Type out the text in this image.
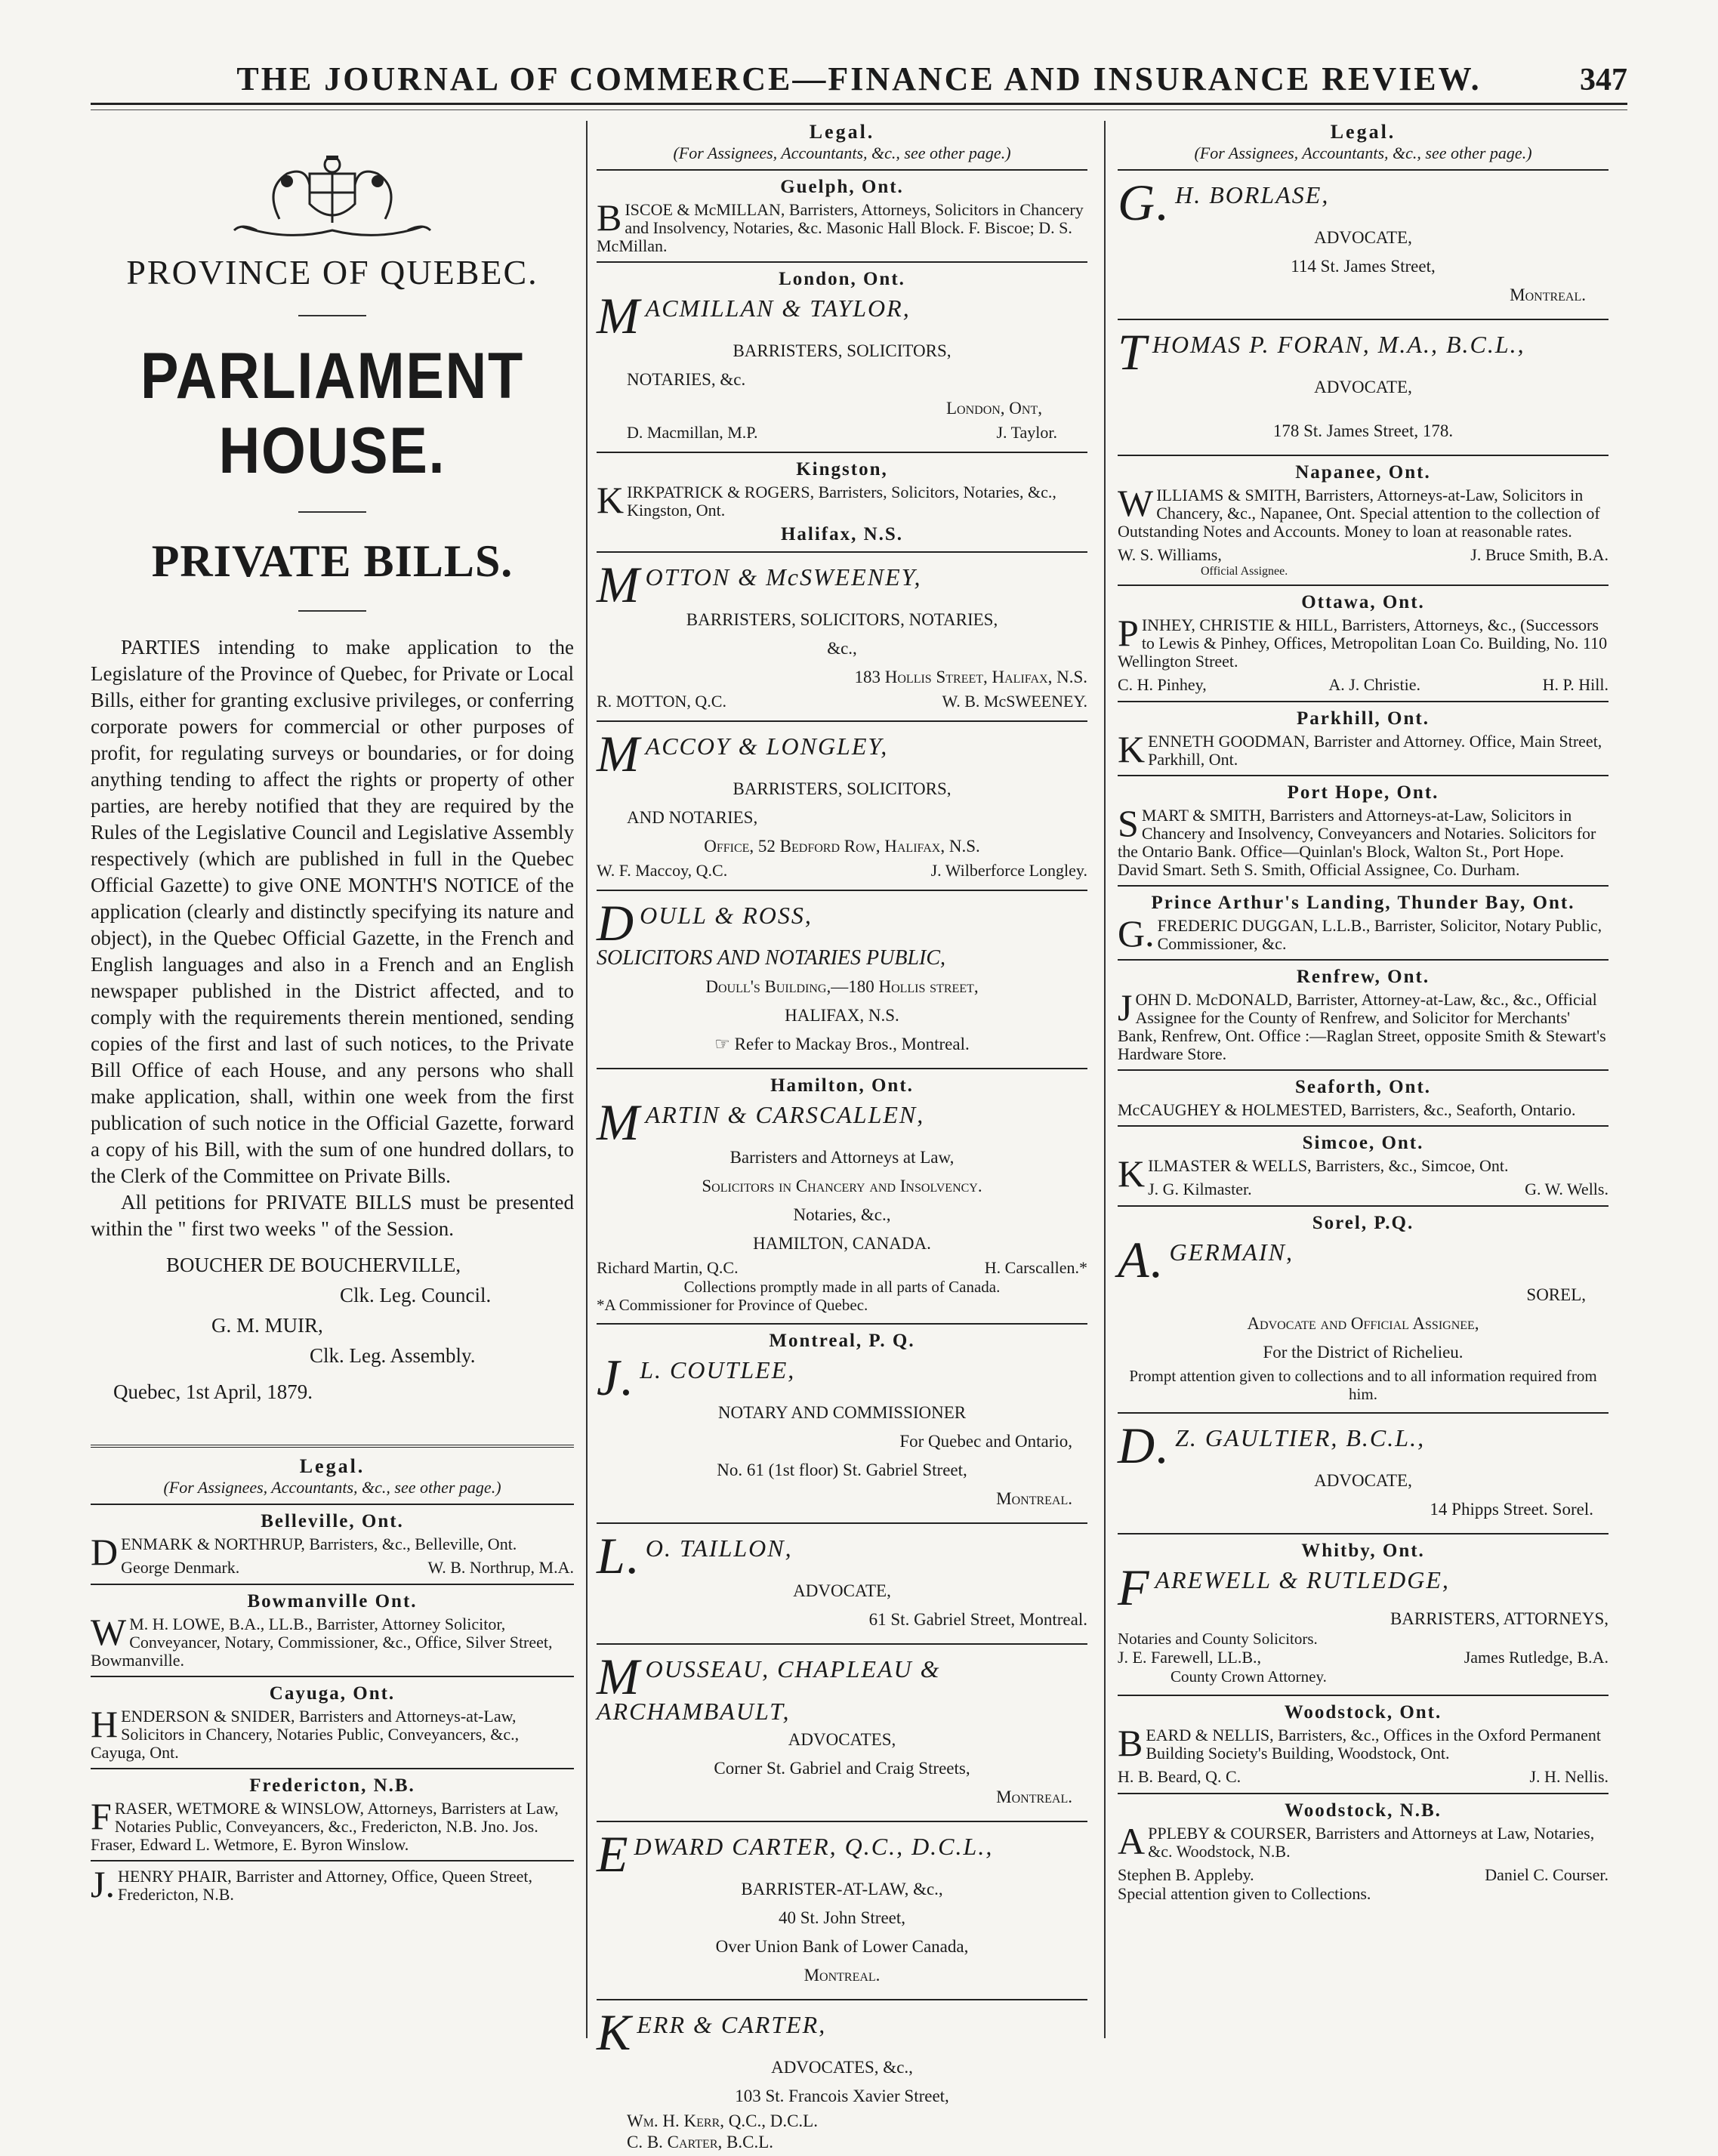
THE JOURNAL OF COMMERCE—FINANCE AND INSURANCE REVIEW.	347
PROVINCE OF QUEBEC.
PARLIAMENT HOUSE.
PRIVATE BILLS.

PARTIES intending to make application to the Legislature of the Province of Quebec, for Private or Local Bills, either for granting exclusive privileges, or conferring corporate powers for commercial or other purposes of profit, for regulating surveys or boundaries, or for doing anything tending to affect the rights or property of other parties, are hereby notified that they are required by the Rules of the Legislative Council and Legislative Assembly respectively (which are published in full in the Quebec Official Gazette) to give ONE MONTH'S NOTICE of the application (clearly and distinctly specifying its nature and object), in the Quebec Official Gazette, in the French and English languages and also in a French and an English newspaper published in the District affected, and to comply with the requirements therein mentioned, sending copies of the first and last of such notices, to the Private Bill Office of each House, and any persons who shall make application, shall, within one week from the first publication of such notice in the Official Gazette, forward a copy of his Bill, with the sum of one hundred dollars, to the Clerk of the Committee on Private Bills.

All petitions for PRIVATE BILLS must be presented within the " first two weeks " of the Session.

BOUCHER DE BOUCHERVILLE,
Clk. Leg. Council.
G. M. MUIR,
Clk. Leg. Assembly.
Quebec, 1st April, 1879.
Legal.
(For Assignees, Accountants, &c., see other page.)
Belleville, Ont.
DENMARK & NORTHRUP, Barristers, &c., Belleville, Ont.
George Denmark.	W. B. Northrup, M.A.
Bowmanville Ont.
W M. H. LOWE, B.A., LL.B., Barrister, Attorney Solicitor, Conveyancer, Notary, Commissioner, &c., Office, Silver Street, Bowmanville.
Cayuga, Ont.
HENDERSON & SNIDER, Barristers and Attorneys-at-Law, Solicitors in Chancery, Notaries Public, Conveyancers, &c., Cayuga, Ont.
Fredericton, N.B.
FRASER, WETMORE & WINSLOW, Attorneys, Barristers at Law, Notaries Public, Conveyancers, &c., Fredericton, N.B. Jno. Jos. Fraser, Edward L. Wetmore, E. Byron Winslow.
J. HENRY PHAIR, Barrister and Attorney, Office, Queen Street, Fredericton, N.B.
Legal.
(For Assignees, Accountants, &c., see other page.)
Guelph, Ont.
BISCOE & McMILLAN, Barristers, Attorneys, Solicitors in Chancery and Insolvency, Notaries, &c. Masonic Hall Block. F. Biscoe; D. S. McMillan.
London, Ont.
MACMILLAN & TAYLOR,
BARRISTERS, SOLICITORS,
NOTARIES, &c.
London, Ont,
D. Macmillan, M.P.	J. Taylor.
Kingston,
KIRKPATRICK & ROGERS, Barristers, Solicitors, Notaries, &c., Kingston, Ont.
Halifax, N.S.
MOTTON & McSWEENEY,
BARRISTERS, SOLICITORS, NOTARIES,
&c.,
183 Hollis Street, Halifax, N.S.
R. MOTTON, Q.C.	W. B. McSWEENEY.
MACCOY & LONGLEY,
BARRISTERS, SOLICITORS,
AND NOTARIES,
Office, 52 Bedford Row, Halifax, N.S.
W. F. Maccoy, Q.C.	J. Wilberforce Longley.
DOULL & ROSS,
SOLICITORS AND NOTARIES PUBLIC,
Doull's Building,—180 Hollis street,
HALIFAX, N.S.
☞ Refer to Mackay Bros., Montreal.
Hamilton, Ont.
MARTIN & CARSCALLEN,
Barristers and Attorneys at Law,
Solicitors in Chancery and Insolvency.
Notaries, &c.,
HAMILTON, CANADA.
Richard Martin, Q.C.	H. Carscallen.*
Collections promptly made in all parts of Canada.
*A Commissioner for Province of Quebec.
Montreal, P. Q.
J. L. COUTLEE,
NOTARY AND COMMISSIONER
For Quebec and Ontario,
No. 61 (1st floor) St. Gabriel Street,
Montreal.
L. O. TAILLON,
ADVOCATE,
61 St. Gabriel Street, Montreal.
MOUSSEAU, CHAPLEAU & ARCHAMBAULT,
ADVOCATES,
Corner St. Gabriel and Craig Streets,
Montreal.
EDWARD CARTER, Q.C., D.C.L.,
BARRISTER-AT-LAW, &c.,
40 St. John Street,
Over Union Bank of Lower Canada,
Montreal.
KERR & CARTER,
ADVOCATES, &c.,
103 St. Francois Xavier Street,
Wm. H. Kerr, Q.C., D.C.L.
C. B. Carter, B.C.L.
Legal.
(For Assignees, Accountants, &c., see other page.)
G. H. BORLASE,
ADVOCATE,
114 St. James Street,
Montreal.
THOMAS P. FORAN, M.A., B.C.L.,
ADVOCATE,
178 St. James Street, 178.
Napanee, Ont.
WILLIAMS & SMITH, Barristers, Attorneys-at-Law, Solicitors in Chancery, &c., Napanee, Ont. Special attention to the collection of Outstanding Notes and Accounts. Money to loan at reasonable rates.
W. S. Williams,	J. Bruce Smith, B.A.
Official Assignee.
Ottawa, Ont.
PINHEY, CHRISTIE & HILL, Barristers, Attorneys, &c., (Successors to Lewis & Pinhey, Offices, Metropolitan Loan Co. Building, No. 110 Wellington Street.
C. H. Pinhey,	A. J. Christie.	H. P. Hill.
Parkhill, Ont.
KENNETH GOODMAN, Barrister and Attorney. Office, Main Street, Parkhill, Ont.
Port Hope, Ont.
SMART & SMITH, Barristers and Attorneys-at-Law, Solicitors in Chancery and Insolvency, Conveyancers and Notaries. Solicitors for the Ontario Bank. Office—Quinlan's Block, Walton St., Port Hope. David Smart. Seth S. Smith, Official Assignee, Co. Durham.
Prince Arthur's Landing, Thunder Bay, Ont.
G. FREDERIC DUGGAN, L.L.B., Barrister, Solicitor, Notary Public, Commissioner, &c.
Renfrew, Ont.
JOHN D. McDONALD, Barrister, Attorney-at-Law, &c., &c., Official Assignee for the County of Renfrew, and Solicitor for Merchants' Bank, Renfrew, Ont. Office :—Raglan Street, opposite Smith & Stewart's Hardware Store.
Seaforth, Ont.
McCAUGHEY & HOLMESTED, Barristers, &c., Seaforth, Ontario.
Simcoe, Ont.
KILMASTER & WELLS, Barristers, &c., Simcoe, Ont.
J. G. Kilmaster.	G. W. Wells.
Sorel, P.Q.
A. GERMAIN,
SOREL,
Advocate and Official Assignee,
For the District of Richelieu.
Prompt attention given to collections and to all information required from him.
D. Z. GAULTIER, B.C.L.,
ADVOCATE,
14 Phipps Street. Sorel.
Whitby, Ont.
FAREWELL & RUTLEDGE,
BARRISTERS, ATTORNEYS,
Notaries and County Solicitors.
J. E. Farewell, LL.B.,	James Rutledge, B.A.
County Crown Attorney.
Woodstock, Ont.
BEARD & NELLIS, Barristers, &c., Offices in the Oxford Permanent Building Society's Building, Woodstock, Ont.
H. B. Beard, Q. C.	J. H. Nellis.
Woodstock, N.B.
APPLEBY & COURSER, Barristers and Attorneys at Law, Notaries, &c. Woodstock, N.B.
Stephen B. Appleby.	Daniel C. Courser.
Special attention given to Collections.
